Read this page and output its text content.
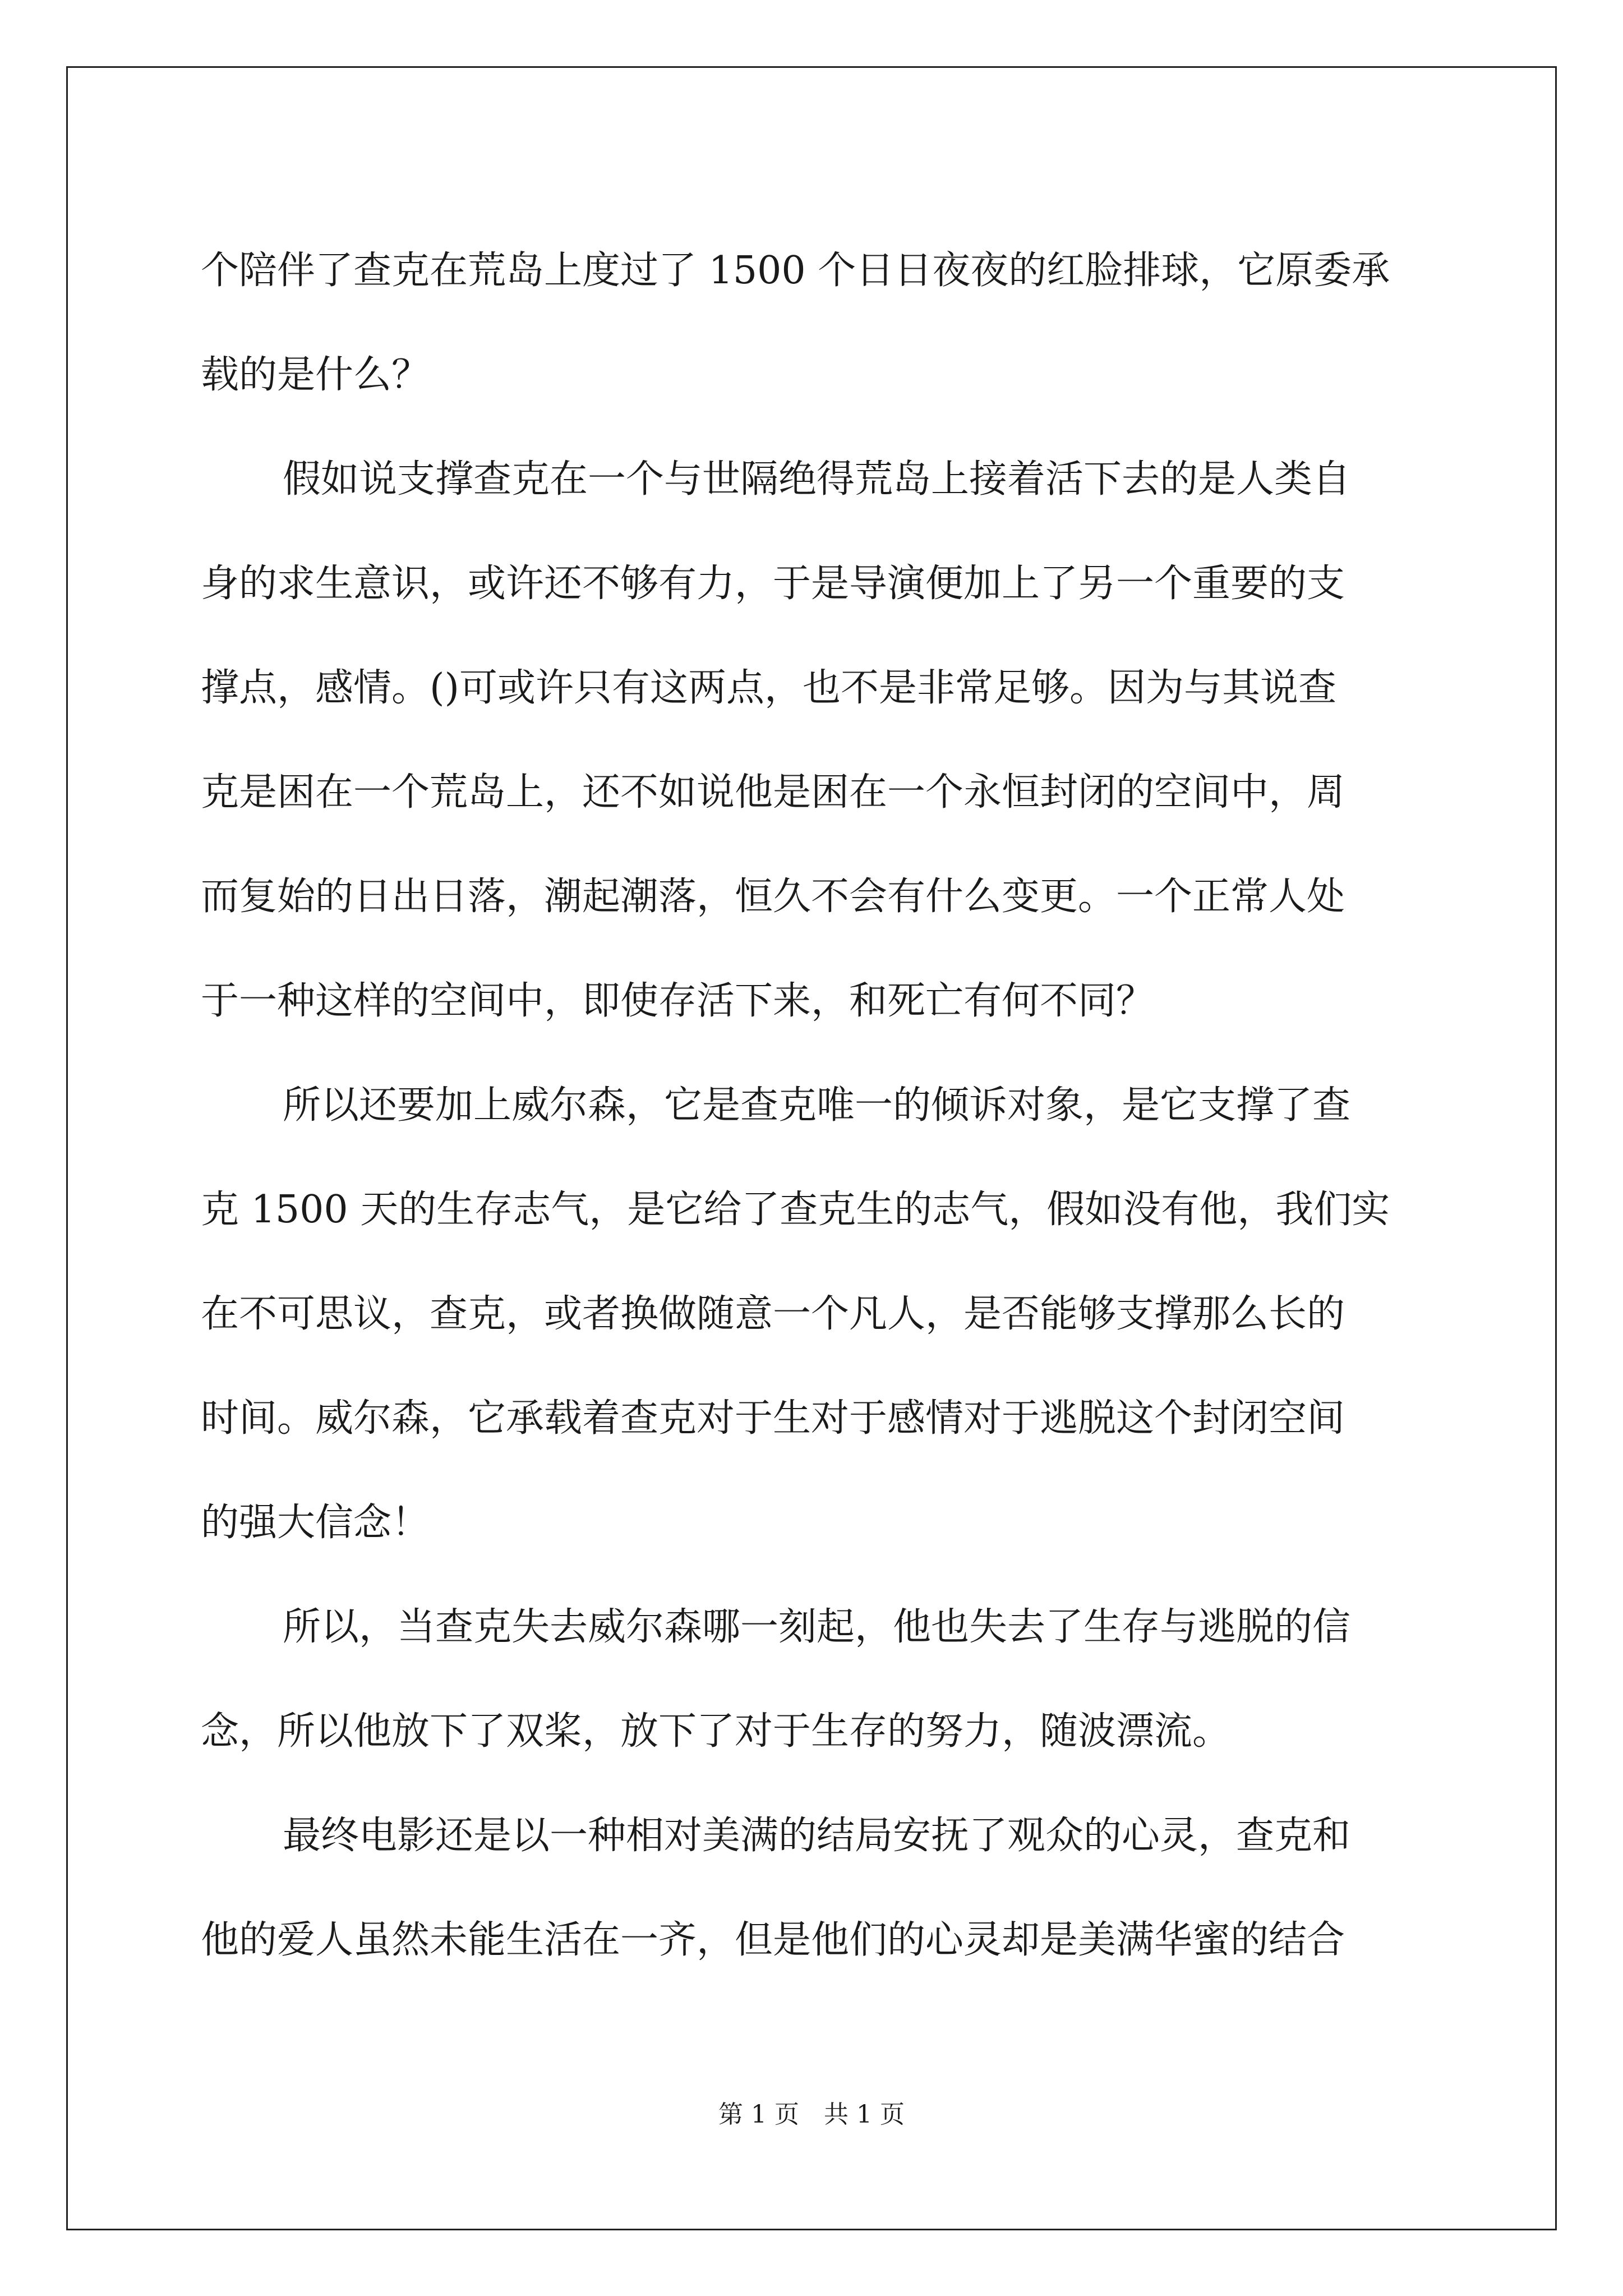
个陪伴了查克在荒岛上度过了 1500 个日日夜夜的红脸排球，它原委承
载的是什么？
假如说支撑查克在一个与世隔绝得荒岛上接着活下去的是人类自
身的求生意识，或许还不够有力，于是导演便加上了另一个重要的支
撑点，感情。()可或许只有这两点，也不是非常足够。因为与其说查
克是困在一个荒岛上，还不如说他是困在一个永恒封闭的空间中，周
而复始的日出日落，潮起潮落，恒久不会有什么变更。一个正常人处
于一种这样的空间中，即使存活下来，和死亡有何不同？
所以还要加上威尔森，它是查克唯一的倾诉对象，是它支撑了查
克 1500 天的生存志气，是它给了查克生的志气，假如没有他，我们实
在不可思议，查克，或者换做随意一个凡人，是否能够支撑那么长的
时间。威尔森，它承载着查克对于生对于感情对于逃脱这个封闭空间
的强大信念！
所以，当查克失去威尔森哪一刻起，他也失去了生存与逃脱的信
念，所以他放下了双桨，放下了对于生存的努力，随波漂流。
最终电影还是以一种相对美满的结局安抚了观众的心灵，查克和
他的爱人虽然未能生活在一齐，但是他们的心灵却是美满华蜜的结合
第 1 页　共 1 页
